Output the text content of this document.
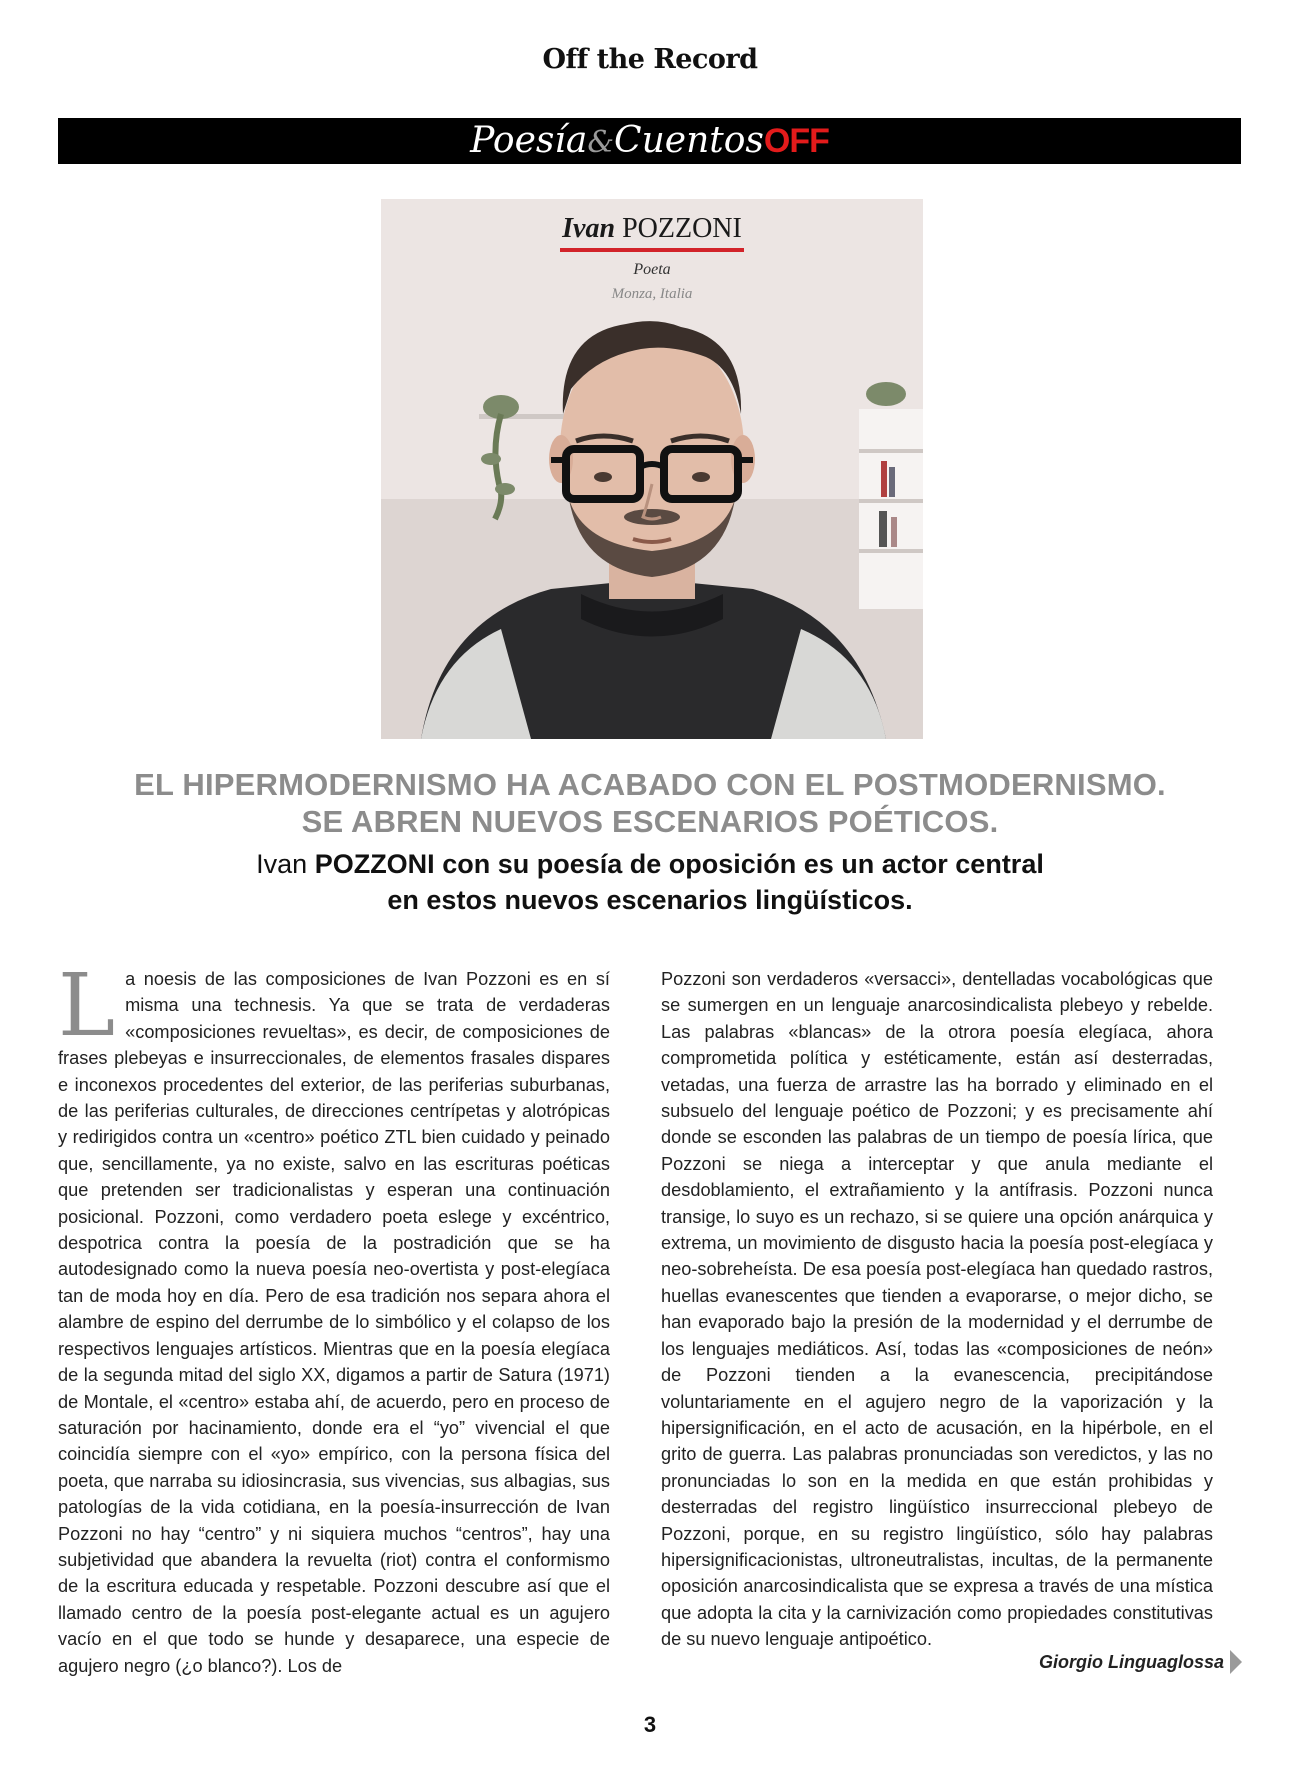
Off the Record
Poesía&CuentosOFF
Ivan POZZONI
Poeta
Monza, Italia
EL HIPERMODERNISMO HA ACABADO CON EL POSTMODERNISMO.
SE ABREN NUEVOS ESCENARIOS POÉTICOS.
Ivan POZZONI con su poesía de oposición es un actor central
en estos nuevos escenarios lingüísticos.

La noesis de las composiciones de Ivan Pozzoni es en sí misma una technesis. Ya que se trata de verdaderas «composiciones revueltas», es decir, de composiciones de frases plebeyas e insurreccionales, de elementos frasales dispares e inconexos procedentes del exterior, de las periferias suburbanas, de las periferias culturales, de direcciones centrípetas y alotrópicas y redirigidos contra un «centro» poético ZTL bien cuidado y peinado que, sencillamente, ya no existe, salvo en las escrituras poéticas que pretenden ser tradicionalistas y esperan una continuación posicional. Pozzoni, como verdadero poeta eslege y excéntrico, despotrica contra la poesía de la postradición que se ha autodesignado como la nueva poesía neo-overtista y post-elegíaca tan de moda hoy en día. Pero de esa tradición nos separa ahora el alambre de espino del derrumbe de lo simbólico y el colapso de los respectivos lenguajes artísticos. Mientras que en la poesía elegíaca de la segunda mitad del siglo XX, digamos a partir de Satura (1971) de Montale, el «centro» estaba ahí, de acuerdo, pero en proceso de saturación por hacinamiento, donde era el “yo” vivencial el que coincidía siempre con el «yo» empírico, con la persona física del poeta, que narraba su idiosincrasia, sus vivencias, sus albagias, sus patologías de la vida cotidiana, en la poesía-insurrección de Ivan Pozzoni no hay “centro” y ni siquiera muchos “centros”, hay una subjetividad que abandera la revuelta (riot) contra el conformismo de la escritura educada y respetable. Pozzoni descubre así que el llamado centro de la poesía post-elegante actual es un agujero vacío en el que todo se hunde y desaparece, una especie de agujero negro (¿o blanco?). Los de

Pozzoni son verdaderos «versacci», dentelladas vocabológicas que se sumergen en un lenguaje anarcosindicalista plebeyo y rebelde. Las palabras «blancas» de la otrora poesía elegíaca, ahora comprometida política y estéticamente, están así desterradas, vetadas, una fuerza de arrastre las ha borrado y eliminado en el subsuelo del lenguaje poético de Pozzoni; y es precisamente ahí donde se esconden las palabras de un tiempo de poesía lírica, que Pozzoni se niega a interceptar y que anula mediante el desdoblamiento, el extrañamiento y la antífrasis. Pozzoni nunca transige, lo suyo es un rechazo, si se quiere una opción anárquica y extrema, un movimiento de disgusto hacia la poesía post-elegíaca y neo-sobreheísta. De esa poesía post-elegíaca han quedado rastros, huellas evanescentes que tienden a evaporarse, o mejor dicho, se han evaporado bajo la presión de la modernidad y el derrumbe de los lenguajes mediáticos. Así, todas las «composiciones de neón» de Pozzoni tienden a la evanescencia, precipitándose voluntariamente en el agujero negro de la vaporización y la hipersignificación, en el acto de acusación, en la hipérbole, en el grito de guerra. Las palabras pronunciadas son veredictos, y las no pronunciadas lo son en la medida en que están prohibidas y desterradas del registro lingüístico insurreccional plebeyo de Pozzoni, porque, en su registro lingüístico, sólo hay palabras hipersignificacionistas, ultroneutralistas, incultas, de la permanente oposición anarcosindicalista que se expresa a través de una mística que adopta la cita y la carnivización como propiedades constitutivas de su nuevo lenguaje antipoético.

Giorgio Linguaglossa
3
